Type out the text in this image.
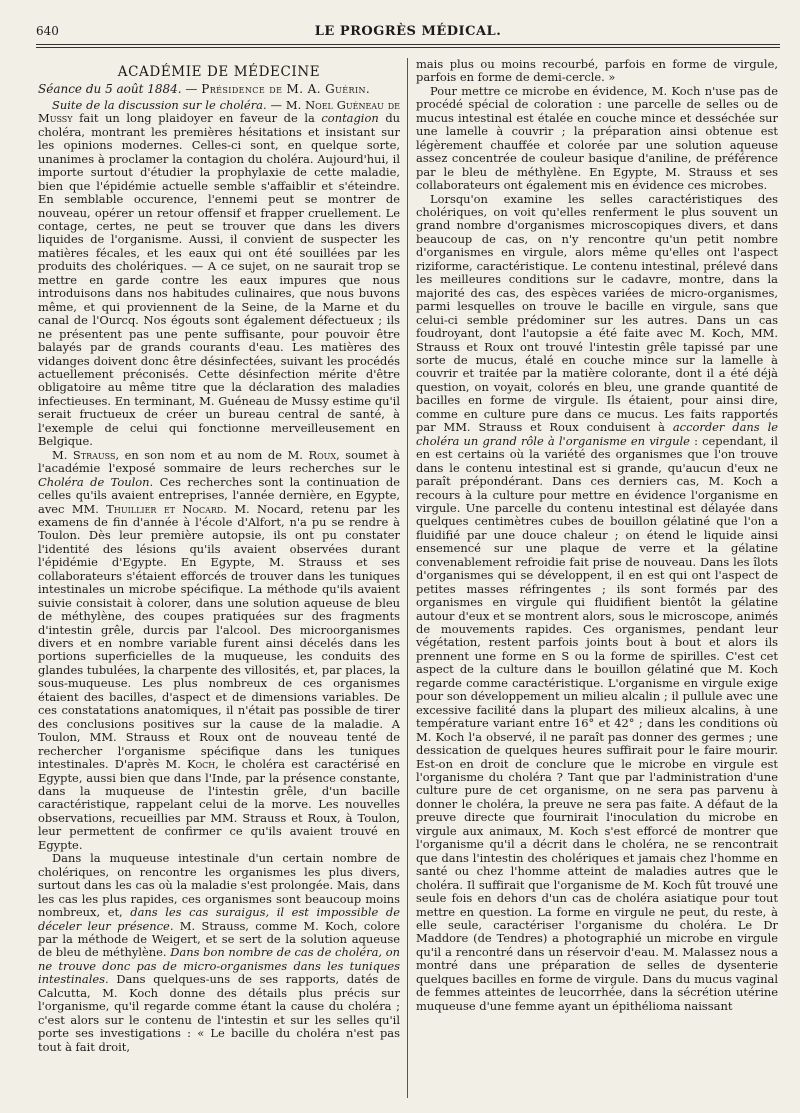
640	LE PROGRÈS MÉDICAL.

ACADÉMIE DE MÉDECINE

Séance du 5 août 1884. — Présidence de M. A. Guérin.

Suite de la discussion sur le choléra. — M. Noel Guéneau de Mussy fait un long plaidoyer en faveur de la contagion du choléra, montrant les premières hésitations et insistant sur les opinions modernes. Celles-ci sont, en quelque sorte, unanimes à proclamer la contagion du choléra. Aujourd'hui, il importe surtout d'étudier la prophylaxie de cette maladie, bien que l'épidémie actuelle semble s'affaiblir et s'éteindre. En semblable occurence, l'ennemi peut se montrer de nouveau, opérer un retour offensif et frapper cruellement. Le contage, certes, ne peut se trouver que dans les divers liquides de l'organisme. Aussi, il convient de suspecter les matières fécales, et les eaux qui ont été souillées par les produits des cholériques. — A ce sujet, on ne saurait trop se mettre en garde contre les eaux impures que nous introduisons dans nos habitudes culinaires, que nous buvons même, et qui proviennent de la Seine, de la Marne et du canal de l'Ourcq. Nos égouts sont également défectueux ; ils ne présentent pas une pente suffisante, pour pouvoir être balayés par de grands courants d'eau. Les matières des vidanges doivent donc être désinfectées, suivant les procédés actuellement préconisés. Cette désinfection mérite d'être obligatoire au même titre que la déclaration des maladies infectieuses. En terminant, M. Guéneau de Mussy estime qu'il serait fructueux de créer un bureau central de santé, à l'exemple de celui qui fonctionne merveilleusement en Belgique.

M. Strauss, en son nom et au nom de M. Roux, soumet à l'académie l'exposé sommaire de leurs recherches sur le Choléra de Toulon. Ces recherches sont la continuation de celles qu'ils avaient entreprises, l'année dernière, en Egypte, avec MM. Thuillier et Nocard. M. Nocard, retenu par les examens de fin d'année à l'école d'Alfort, n'a pu se rendre à Toulon. Dès leur première autopsie, ils ont pu constater l'identité des lésions qu'ils avaient observées durant l'épidémie d'Egypte. En Egypte, M. Strauss et ses collaborateurs s'étaient efforcés de trouver dans les tuniques intestinales un microbe spécifique. La méthode qu'ils avaient suivie consistait à colorer, dans une solution aqueuse de bleu de méthylène, des coupes pratiquées sur des fragments d'intestin grêle, durcis par l'alcool. Des microorganismes divers et en nombre variable furent ainsi décelés dans les portions superficielles de la muqueuse, les conduits des glandes tubulées, la charpente des villosités, et, par places, la sous-muqueuse. Les plus nombreux de ces organismes étaient des bacilles, d'aspect et de dimensions variables. De ces constatations anatomiques, il n'était pas possible de tirer des conclusions positives sur la cause de la maladie. A Toulon, MM. Strauss et Roux ont de nouveau tenté de rechercher l'organisme spécifique dans les tuniques intestinales. D'après M. Koch, le choléra est caractérisé en Egypte, aussi bien que dans l'Inde, par la présence constante, dans la muqueuse de l'intestin grêle, d'un bacille caractéristique, rappelant celui de la morve. Les nouvelles observations, recueillies par MM. Strauss et Roux, à Toulon, leur permettent de confirmer ce qu'ils avaient trouvé en Egypte.

Dans la muqueuse intestinale d'un certain nombre de cholériques, on rencontre les organismes les plus divers, surtout dans les cas où la maladie s'est prolongée. Mais, dans les cas les plus rapides, ces organismes sont beaucoup moins nombreux, et, dans les cas suraigus, il est impossible de déceler leur présence. M. Strauss, comme M. Koch, colore par la méthode de Weigert, et se sert de la solution aqueuse de bleu de méthylène. Dans bon nombre de cas de choléra, on ne trouve donc pas de micro-organismes dans les tuniques intestinales. Dans quelques-uns de ses rapports, datés de Calcutta, M. Koch donne des détails plus précis sur l'organisme, qu'il regarde comme étant la cause du choléra ; c'est alors sur le contenu de l'intestin et sur les selles qu'il porte ses investigations : « Le bacille du choléra n'est pas tout à fait droit,

mais plus ou moins recourbé, parfois en forme de virgule, parfois en forme de demi-cercle. »

Pour mettre ce microbe en évidence, M. Koch n'use pas de procédé spécial de coloration : une parcelle de selles ou de mucus intestinal est étalée en couche mince et desséchée sur une lamelle à couvrir ; la préparation ainsi obtenue est légèrement chauffée et colorée par une solution aqueuse assez concentrée de couleur basique d'aniline, de préférence par le bleu de méthylène. En Egypte, M. Strauss et ses collaborateurs ont également mis en évidence ces microbes.

Lorsqu'on examine les selles caractéristiques des cholériques, on voit qu'elles renferment le plus souvent un grand nombre d'organismes microscopiques divers, et dans beaucoup de cas, on n'y rencontre qu'un petit nombre d'organismes en virgule, alors même qu'elles ont l'aspect riziforme, caractéristique. Le contenu intestinal, prélevé dans les meilleures conditions sur le cadavre, montre, dans la majorité des cas, des espèces variées de micro-organismes, parmi lesquelles on trouve le bacille en virgule, sans que celui-ci semble prédominer sur les autres. Dans un cas foudroyant, dont l'autopsie a été faite avec M. Koch, MM. Strauss et Roux ont trouvé l'intestin grêle tapissé par une sorte de mucus, étalé en couche mince sur la lamelle à couvrir et traitée par la matière colorante, dont il a été déjà question, on voyait, colorés en bleu, une grande quantité de bacilles en forme de virgule. Ils étaient, pour ainsi dire, comme en culture pure dans ce mucus. Les faits rapportés par MM. Strauss et Roux conduisent à accorder dans le choléra un grand rôle à l'organisme en virgule : cependant, il en est certains où la variété des organismes que l'on trouve dans le contenu intestinal est si grande, qu'aucun d'eux ne paraît prépondérant. Dans ces derniers cas, M. Koch a recours à la culture pour mettre en évidence l'organisme en virgule. Une parcelle du contenu intestinal est délayée dans quelques centimètres cubes de bouillon gélatiné que l'on a fluidifié par une douce chaleur ; on étend le liquide ainsi ensemencé sur une plaque de verre et la gélatine convenablement refroidie fait prise de nouveau. Dans les îlots d'organismes qui se développent, il en est qui ont l'aspect de petites masses réfringentes ; ils sont formés par des organismes en virgule qui fluidifient bientôt la gélatine autour d'eux et se montrent alors, sous le microscope, animés de mouvements rapides. Ces organismes, pendant leur végétation, restent parfois joints bout à bout et alors ils prennent une forme en S ou la forme de spirilles. C'est cet aspect de la culture dans le bouillon gélatiné que M. Koch regarde comme caractéristique. L'organisme en virgule exige pour son développement un milieu alcalin ; il pullule avec une excessive facilité dans la plupart des milieux alcalins, à une température variant entre 16° et 42° ; dans les conditions où M. Koch l'a observé, il ne paraît pas donner des germes ; une dessication de quelques heures suffirait pour le faire mourir. Est-on en droit de conclure que le microbe en virgule est l'organisme du choléra ? Tant que par l'administration d'une culture pure de cet organisme, on ne sera pas parvenu à donner le choléra, la preuve ne sera pas faite. A défaut de la preuve directe que fournirait l'inoculation du microbe en virgule aux animaux, M. Koch s'est efforcé de montrer que l'organisme qu'il a décrit dans le choléra, ne se rencontrait que dans l'intestin des cholériques et jamais chez l'homme en santé ou chez l'homme atteint de maladies autres que le choléra. Il suffirait que l'organisme de M. Koch fût trouvé une seule fois en dehors d'un cas de choléra asiatique pour tout mettre en question. La forme en virgule ne peut, du reste, à elle seule, caractériser l'organisme du choléra. Le Dr Maddore (de Tendres) a photographié un microbe en virgule qu'il a rencontré dans un réservoir d'eau. M. Malassez nous a montré dans une préparation de selles de dysenterie quelques bacilles en forme de virgule. Dans du mucus vaginal de femmes atteintes de leucorrhée, dans la sécrétion utérine muqueuse d'une femme ayant un épithélioma naissant
